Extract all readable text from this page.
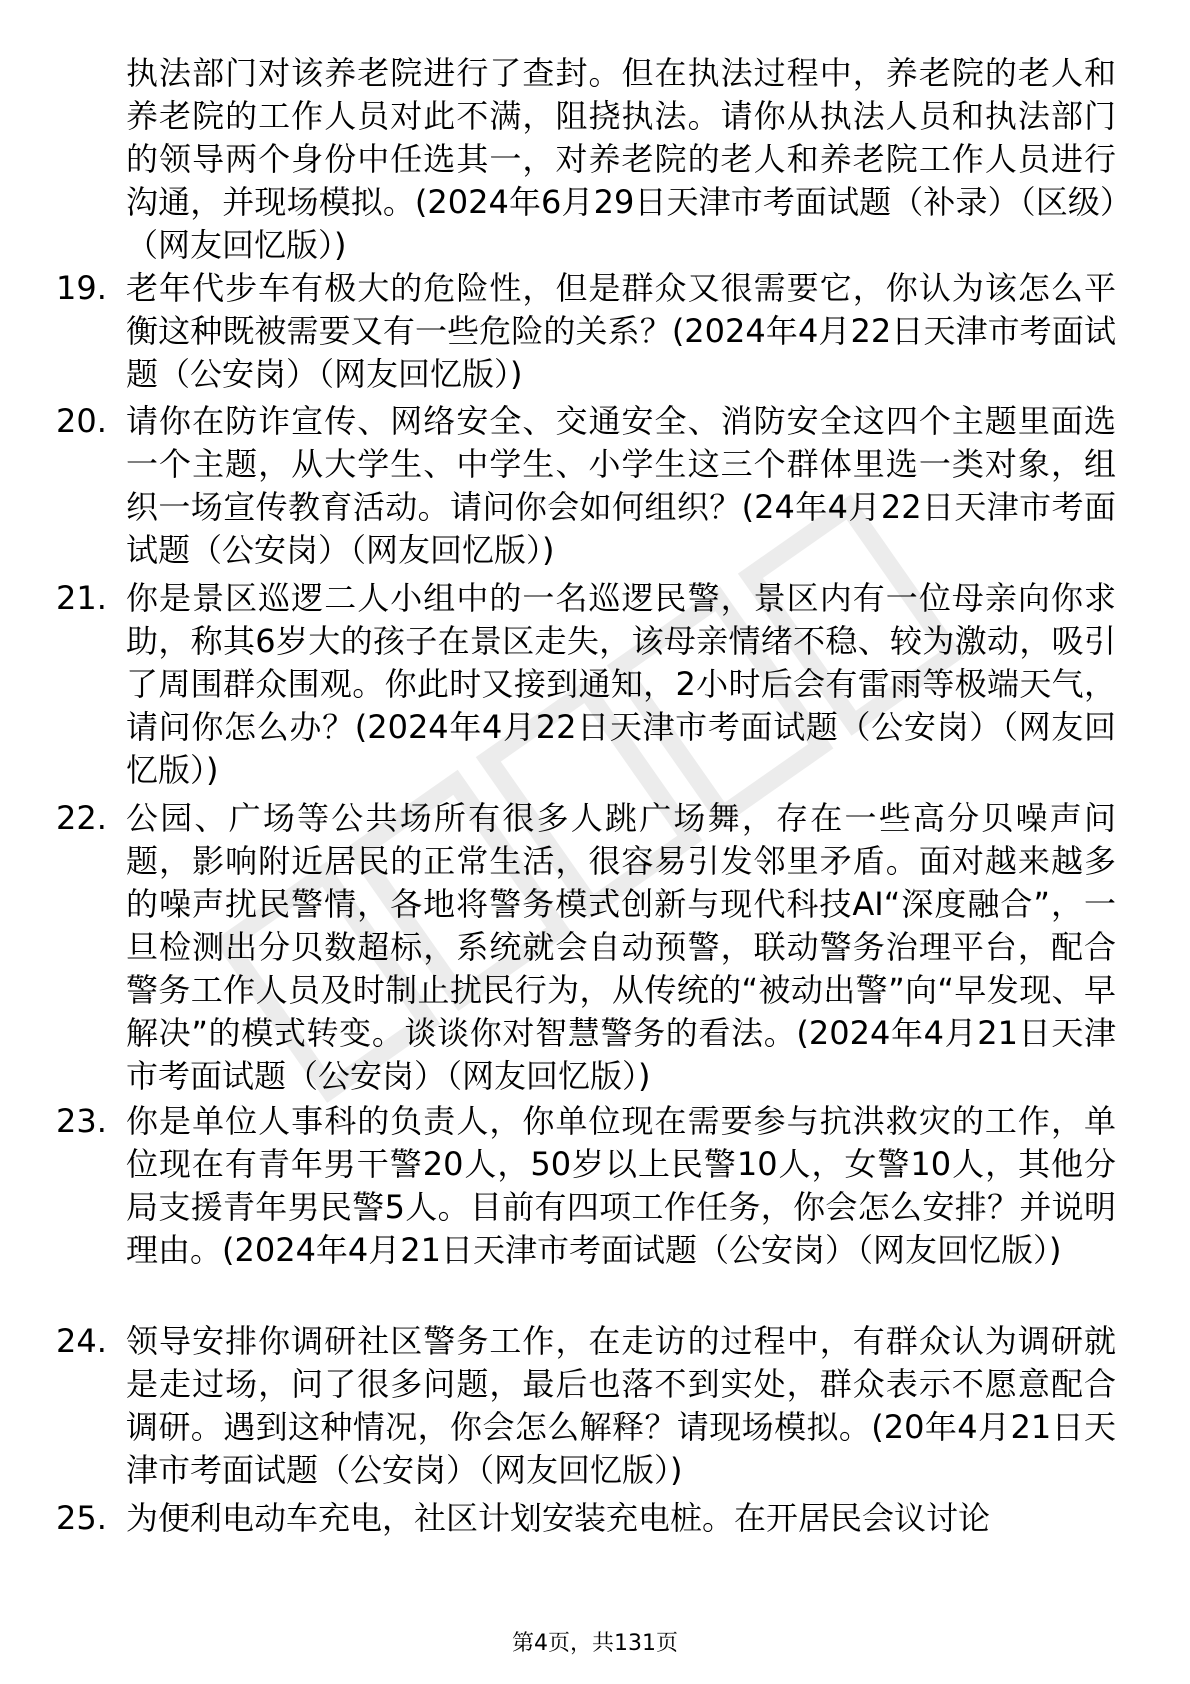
执法部门对该养老院进行了查封。但在执法过程中，养老院的老人和养老院的工作人员对此不满，阻挠执法。请你从执法人员和执法部门的领导两个身份中任选其一，对养老院的老人和养老院工作人员进行沟通，并现场模拟。(2024年6月29日天津市考面试题（补录）（区级）（网友回忆版）)
19. 老年代步车有极大的危险性，但是群众又很需要它，你认为该怎么平衡这种既被需要又有一些危险的关系？(2024年4月22日天津市考面试题（公安岗）（网友回忆版）)
20. 请你在防诈宣传、网络安全、交通安全、消防安全这四个主题里面选一个主题，从大学生、中学生、小学生这三个群体里选一类对象，组织一场宣传教育活动。请问你会如何组织？(24年4月22日天津市考面试题（公安岗）（网友回忆版）)
21. 你是景区巡逻二人小组中的一名巡逻民警，景区内有一位母亲向你求助，称其6岁大的孩子在景区走失，该母亲情绪不稳、较为激动，吸引了周围群众围观。你此时又接到通知，2小时后会有雷雨等极端天气，请问你怎么办？(2024年4月22日天津市考面试题（公安岗）（网友回忆版）)
22. 公园、广场等公共场所有很多人跳广场舞，存在一些高分贝噪声问题，影响附近居民的正常生活，很容易引发邻里矛盾。面对越来越多的噪声扰民警情，各地将警务模式创新与现代科技AI“深度融合”，一旦检测出分贝数超标，系统就会自动预警，联动警务治理平台，配合警务工作人员及时制止扰民行为，从传统的“被动出警”向“早发现、早解决”的模式转变。谈谈你对智慧警务的看法。(2024年4月21日天津市考面试题（公安岗）（网友回忆版）)
23. 你是单位人事科的负责人，你单位现在需要参与抗洪救灾的工作，单位现在有青年男干警20人，50岁以上民警10人，女警10人，其他分局支援青年男民警5人。目前有四项工作任务，你会怎么安排？并说明理由。(2024年4月21日天津市考面试题（公安岗）（网友回忆版）)
24. 领导安排你调研社区警务工作，在走访的过程中，有群众认为调研就是走过场，问了很多问题，最后也落不到实处，群众表示不愿意配合调研。遇到这种情况，你会怎么解释？请现场模拟。(20年4月21日天津市考面试题（公安岗）（网友回忆版）)
25. 为便利电动车充电，社区计划安装充电桩。在开居民会议讨论
第4页，共131页
